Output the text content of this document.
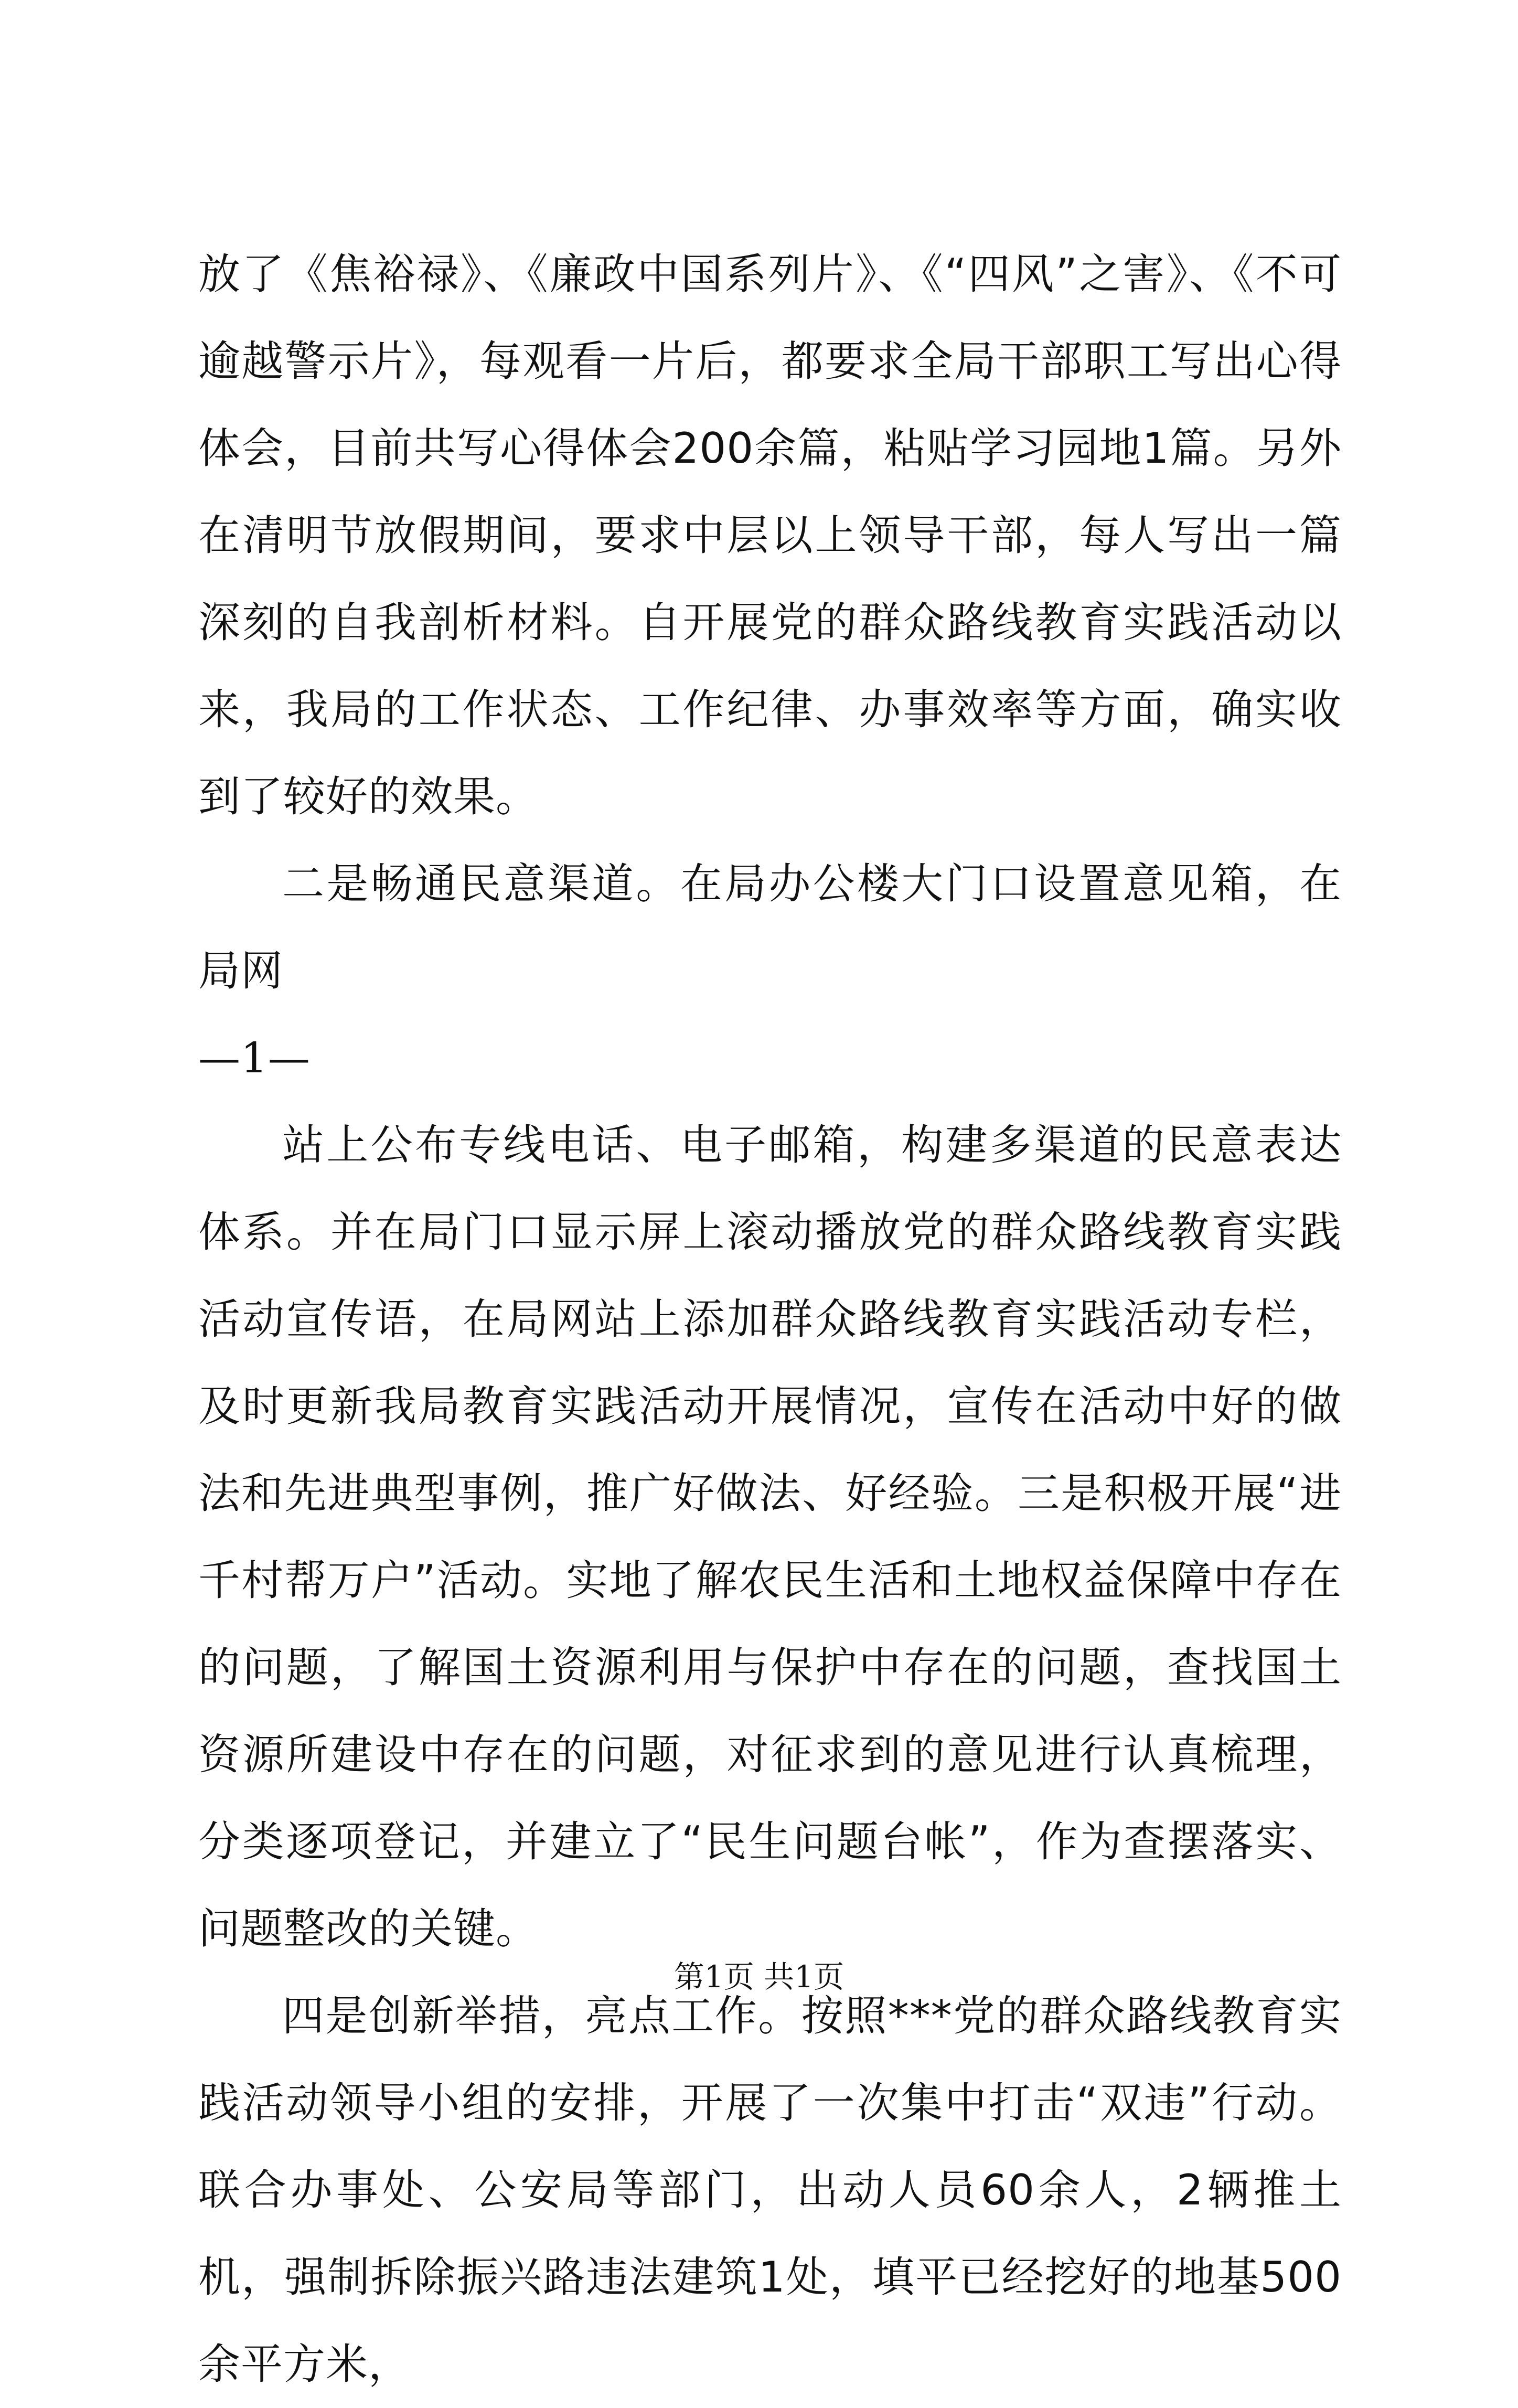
放了《焦裕禄》、《廉政中国系列片》、《“四风”之害》、《不可逾越警示片》，每观看一片后，都要求全局干部职工写出心得体会，目前共写心得体会200余篇，粘贴学习园地1篇。另外在清明节放假期间，要求中层以上领导干部，每人写出一篇深刻的自我剖析材料。自开展党的群众路线教育实践活动以来，我局的工作状态、工作纪律、办事效率等方面，确实收到了较好的效果。

二是畅通民意渠道。在局办公楼大门口设置意见箱，在局网

—1—

站上公布专线电话、电子邮箱，构建多渠道的民意表达体系。并在局门口显示屏上滚动播放党的群众路线教育实践活动宣传语，在局网站上添加群众路线教育实践活动专栏，及时更新我局教育实践活动开展情况，宣传在活动中好的做法和先进典型事例，推广好做法、好经验。三是积极开展“进千村帮万户”活动。实地了解农民生活和土地权益保障中存在的问题，了解国土资源利用与保护中存在的问题，查找国土资源所建设中存在的问题，对征求到的意见进行认真梳理，分类逐项登记，并建立了“民生问题台帐”，作为查摆落实、问题整改的关键。

四是创新举措，亮点工作。按照***党的群众路线教育实践活动领导小组的安排，开展了一次集中打击“双违”行动。联合办事处、公安局等部门，出动人员60余人，2辆推土机，强制拆除振兴路违法建筑1处，填平已经挖好的地基500余平方米，

第1页 共1页
